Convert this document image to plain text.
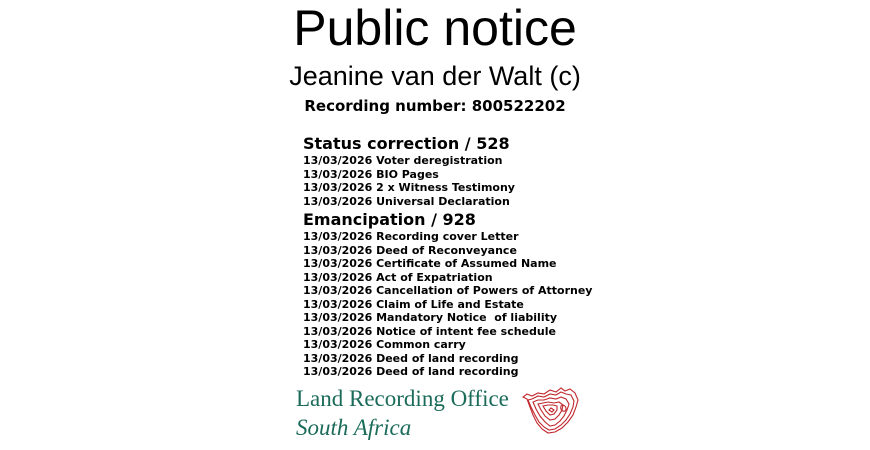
Public notice
Jeanine van der Walt (c)
Recording number: 800522202
Status correction / 528
13/03/2026 Voter deregistration
13/03/2026 BIO Pages
13/03/2026 2 x Witness Testimony
13/03/2026 Universal Declaration
Emancipation / 928
13/03/2026 Recording cover Letter
13/03/2026 Deed of Reconveyance
13/03/2026 Certificate of Assumed Name
13/03/2026 Act of Expatriation
13/03/2026 Cancellation of Powers of Attorney
13/03/2026 Claim of Life and Estate
13/03/2026 Mandatory Notice  of liability
13/03/2026 Notice of intent fee schedule
13/03/2026 Common carry
13/03/2026 Deed of land recording
13/03/2026 Deed of land recording
Land Recording Office
South Africa
